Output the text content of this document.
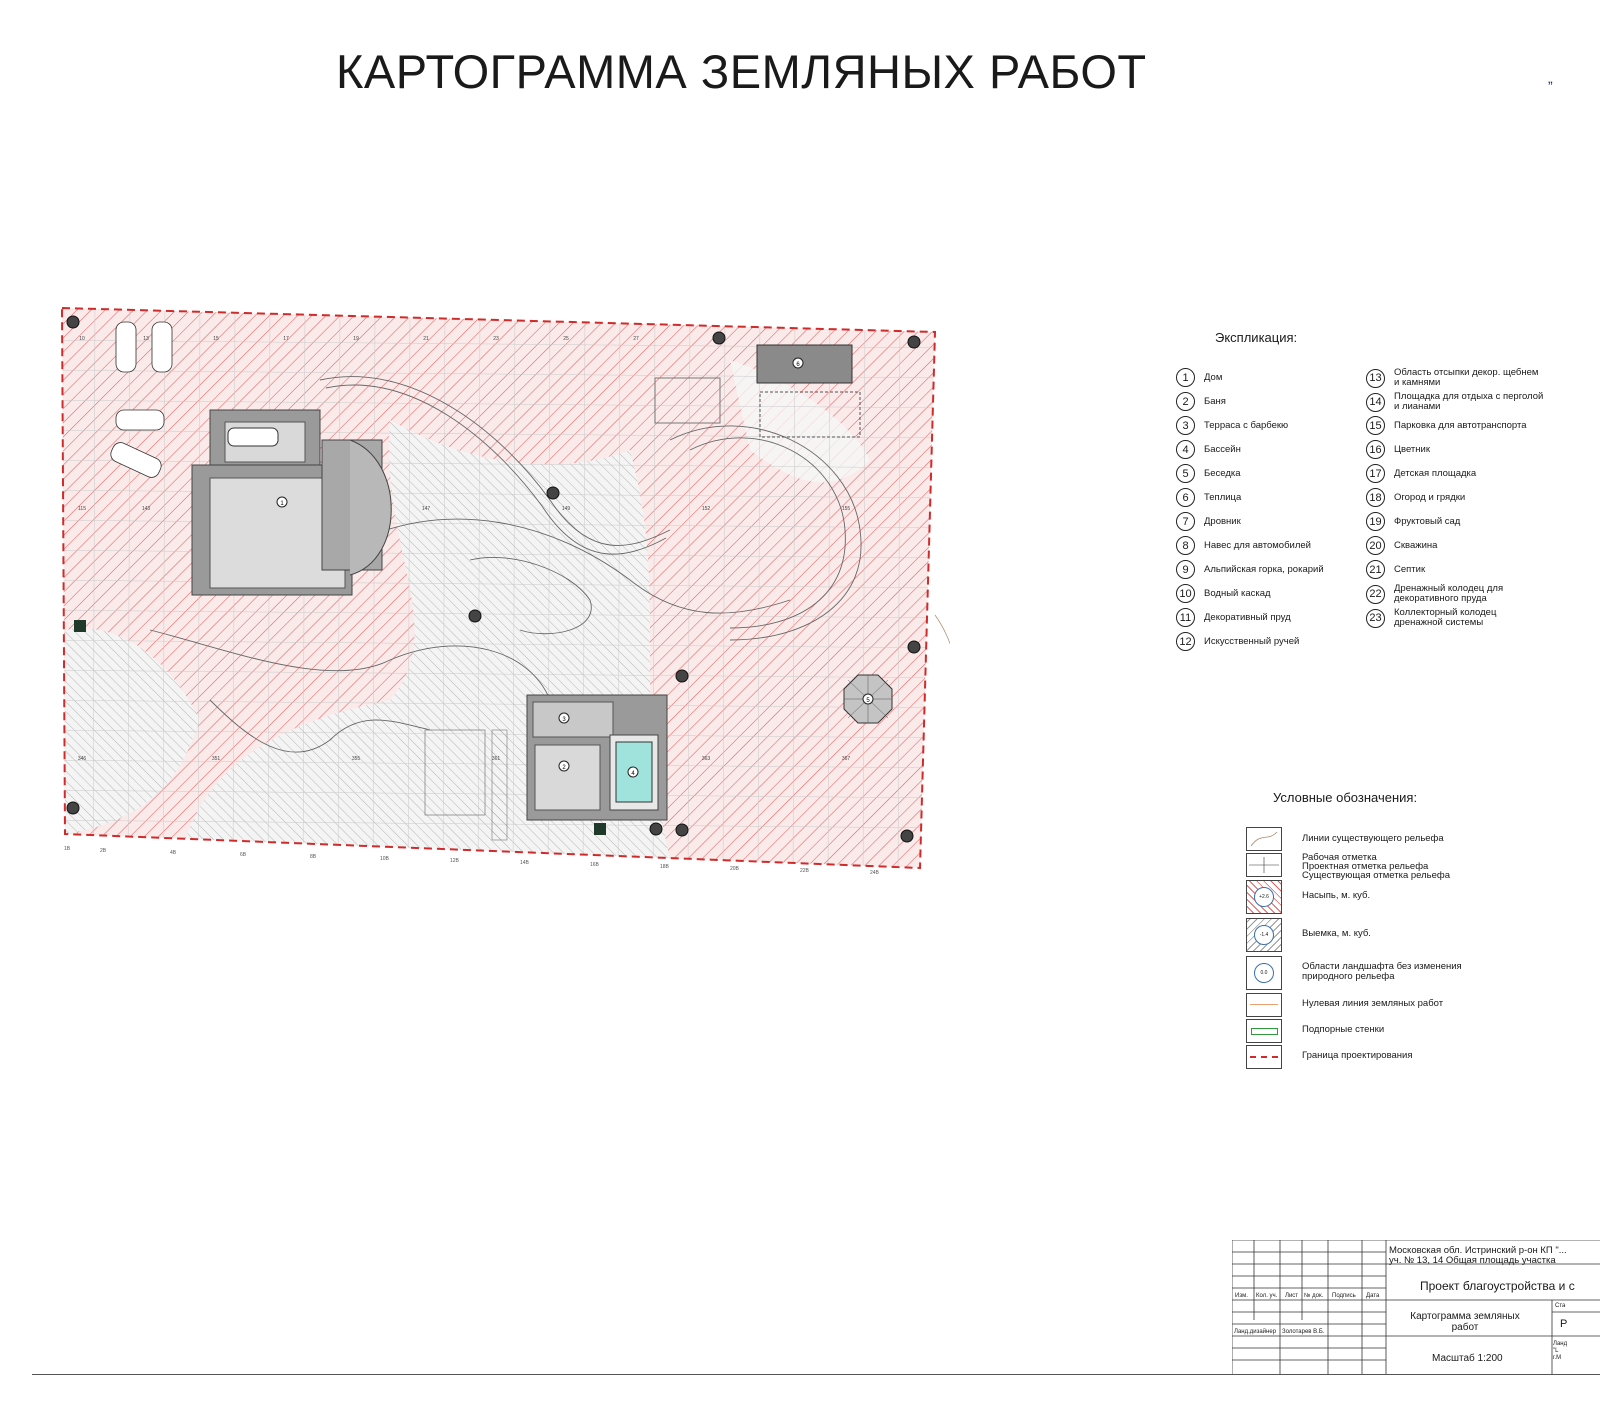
КАРТОГРАММА ЗЕМЛЯНЫХ РАБОТ	„
1
3
2
4
6
5
10	13	15	17	19	21	23	25	27
115	143	147	149	152	155
346	351	355	361	363	367
1B	2B	4B	6B	8B	10B	12B	14B	16B	18B	20B	22B	24B
Экспликация:
1	Дом
2	Баня
3	Терраса с барбекю
4	Бассейн
5	Беседка
6	Теплица
7	Дровник
8	Навес для автомобилей
9	Альпийская горка, рокарий
10	Водный каскад
11	Декоративный пруд
12	Искусственный ручей
13	Область отсыпки декор. щебнем и камнями
14	Площадка для отдыха с перголой и лианами
15	Парковка для автотранспорта
16	Цветник
17	Детская площадка
18	Огород и грядки
19	Фруктовый сад
20	Скважина
21	Септик
22	Дренажный колодец для декоративного пруда
23	Коллекторный колодец дренажной системы
Условные обозначения:
Линии существующего рельефа
Рабочая отметка
Проектная отметка рельефа
Существующая отметка рельефа
+2.6	Насыпь, м. куб.
-1.4	Выемка, м. куб.
0.0
Области ландшафта без изменения природного рельефа
Нулевая линия земляных работ
Подпорные стенки
Граница проектирования
Московская обл. Истринский р-он КП "...
уч. № 13, 14 Общая площадь участка
Проект благоустройства и с
Изм. Кол. уч. Лист № док. Подпись Дата
Ланд.дизайнер Золотарев В.Б.
Картограмма земляных работ
Масштаб 1:200
Ста
Р
Ланд
"L
г.М
